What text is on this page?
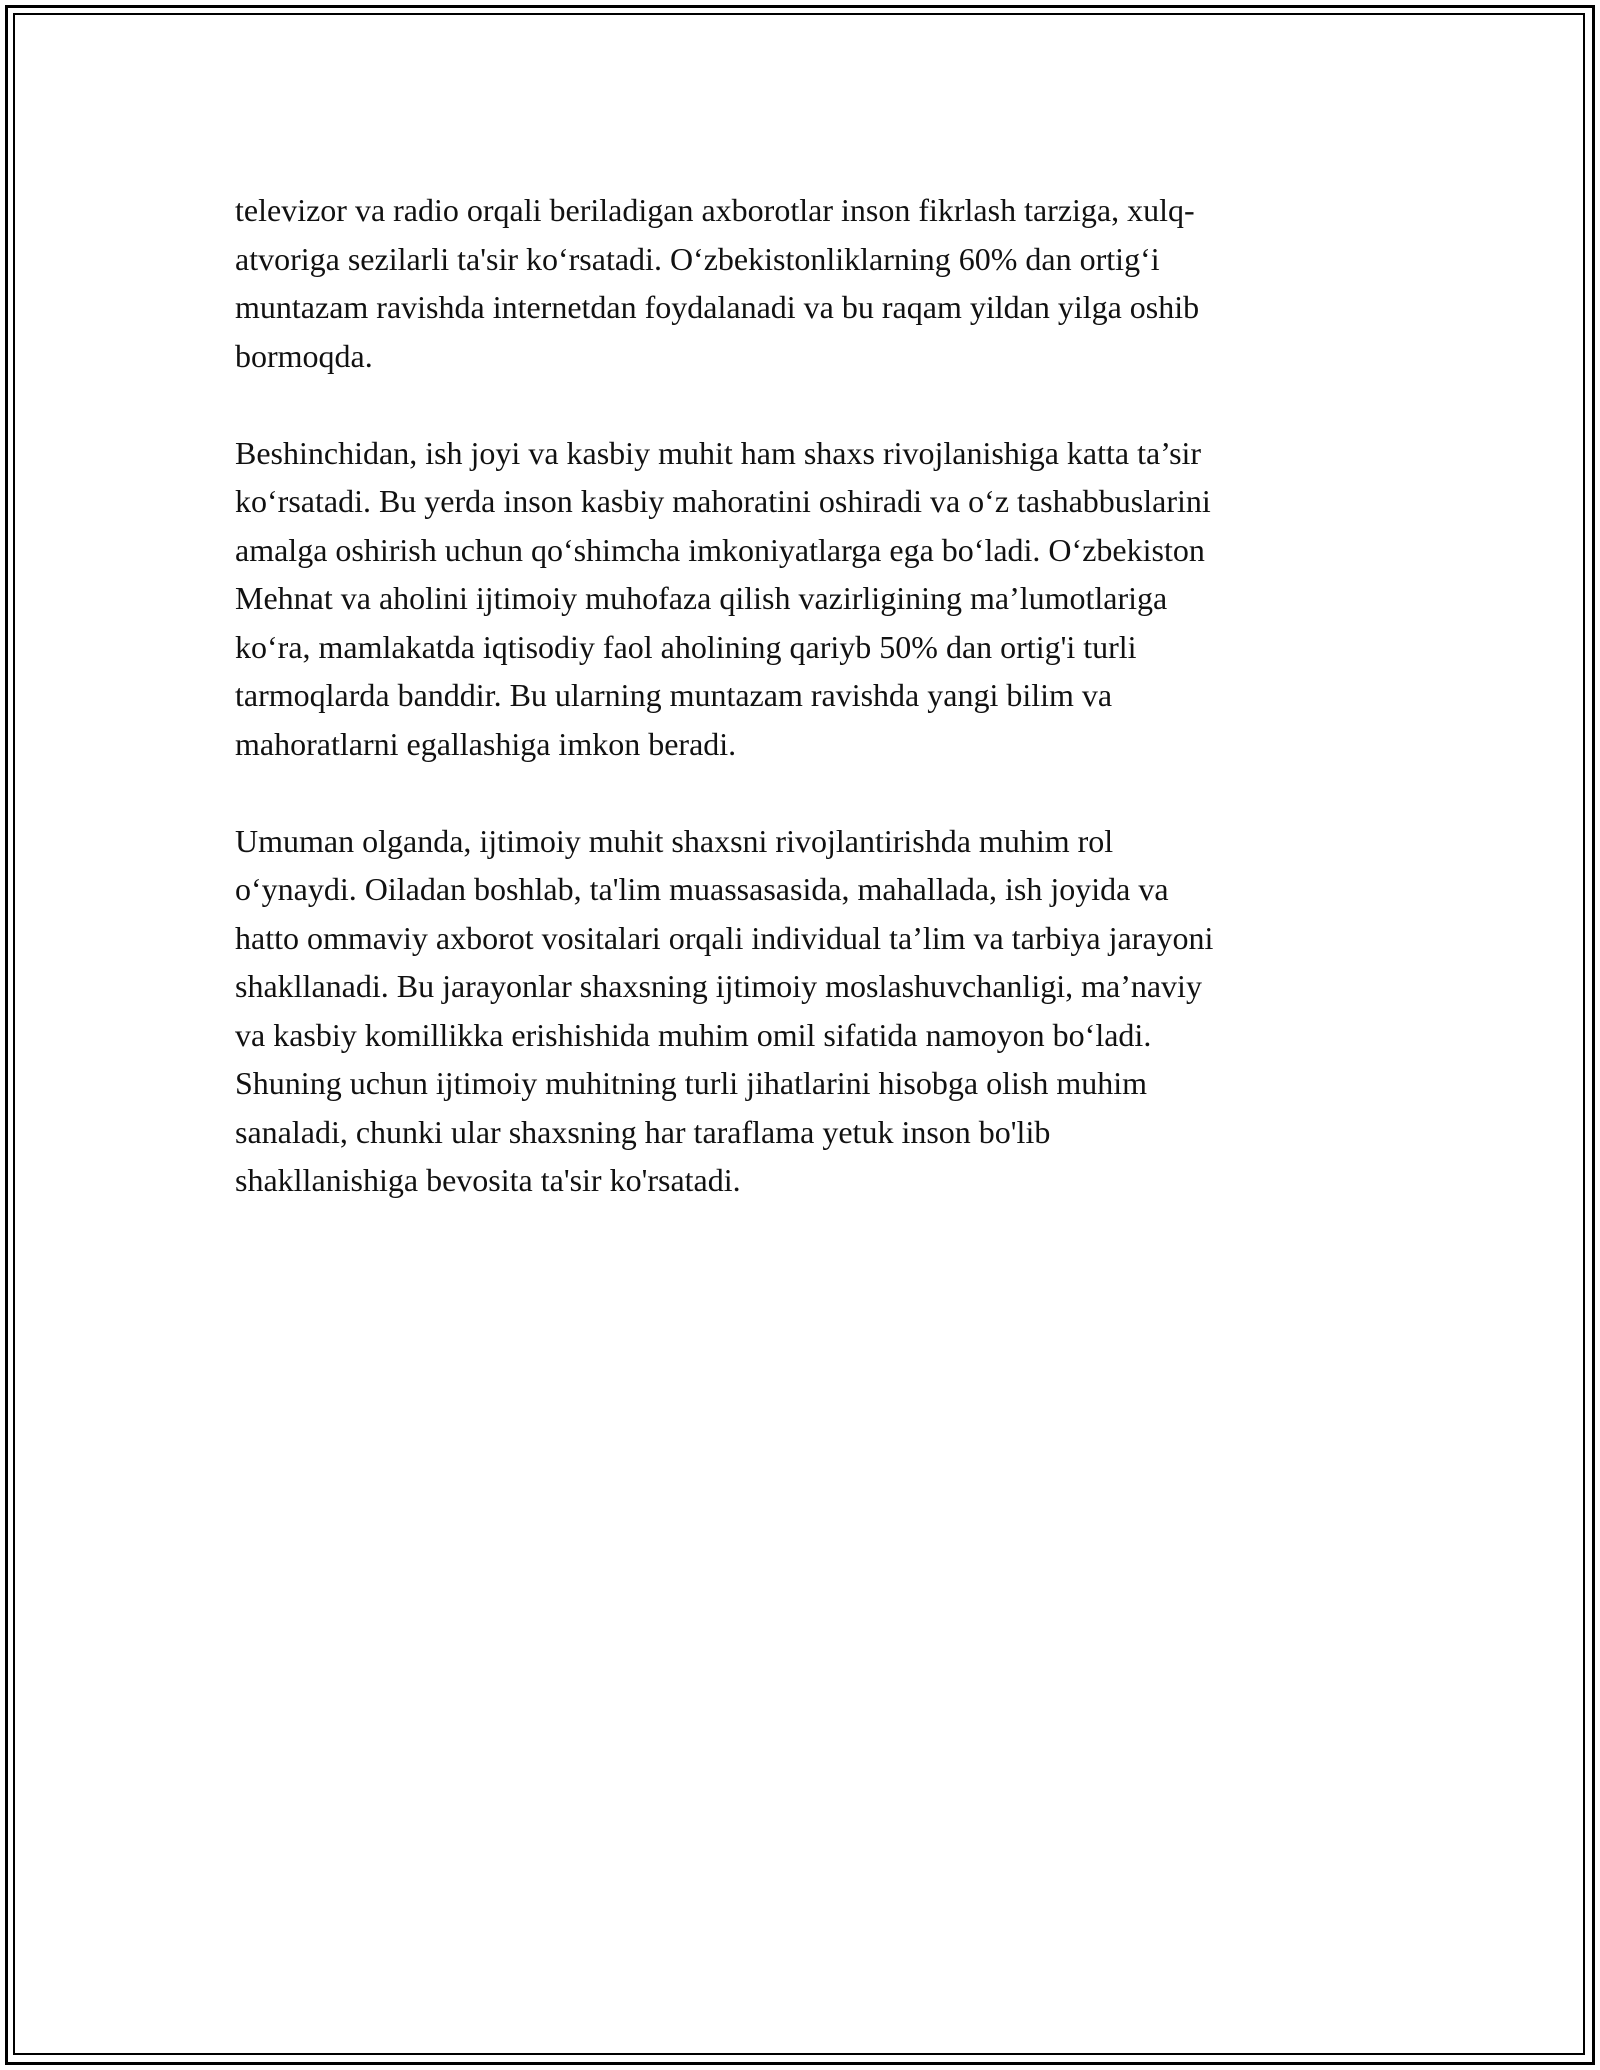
televizor va radio orqali beriladigan axborotlar inson fikrlash tarziga, xulq-
atvoriga sezilarli ta'sir ko‘rsatadi. O‘zbekistonliklarning 60% dan ortig‘i
muntazam ravishda internetdan foydalanadi va bu raqam yildan yilga oshib
bormoqda.

Beshinchidan, ish joyi va kasbiy muhit ham shaxs rivojlanishiga katta ta’sir
ko‘rsatadi. Bu yerda inson kasbiy mahoratini oshiradi va o‘z tashabbuslarini
amalga oshirish uchun qo‘shimcha imkoniyatlarga ega bo‘ladi. O‘zbekiston
Mehnat va aholini ijtimoiy muhofaza qilish vazirligining ma’lumotlariga
ko‘ra, mamlakatda iqtisodiy faol aholining qariyb 50% dan ortig'i turli
tarmoqlarda banddir. Bu ularning muntazam ravishda yangi bilim va
mahoratlarni egallashiga imkon beradi.

Umuman olganda, ijtimoiy muhit shaxsni rivojlantirishda muhim rol
o‘ynaydi. Oiladan boshlab, ta'lim muassasasida, mahallada, ish joyida va
hatto ommaviy axborot vositalari orqali individual ta’lim va tarbiya jarayoni
shakllanadi. Bu jarayonlar shaxsning ijtimoiy moslashuvchanligi, ma’naviy
va kasbiy komillikka erishishida muhim omil sifatida namoyon bo‘ladi.
Shuning uchun ijtimoiy muhitning turli jihatlarini hisobga olish muhim
sanaladi, chunki ular shaxsning har taraflama yetuk inson bo'lib
shakllanishiga bevosita ta'sir ko'rsatadi.
